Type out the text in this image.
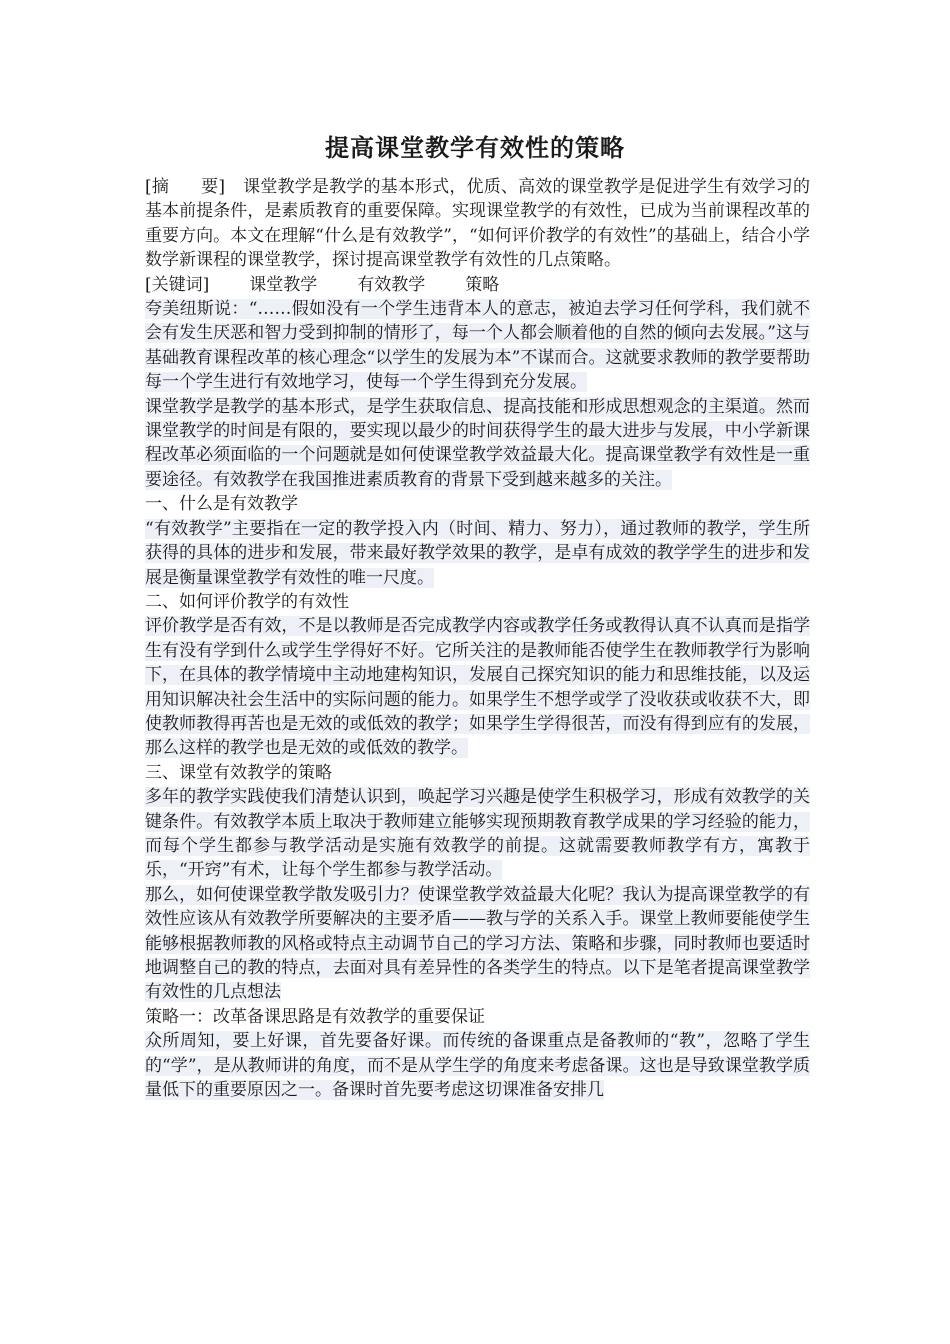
提高课堂教学有效性的策略

[摘 要] 课堂教学是教学的基本形式，优质、高效的课堂教学是促进学生有效学习的基本前提条件，是素质教育的重要保障。实现课堂教学的有效性，已成为当前课程改革的重要方向。本文在理解“什么是有效教学”，“如何评价教学的有效性”的基础上，结合小学数学新课程的课堂教学，探讨提高课堂教学有效性的几点策略。

[关键词] 课堂教学 有效教学 策略

夸美纽斯说：“……假如没有一个学生违背本人的意志，被迫去学习任何学科，我们就不会有发生厌恶和智力受到抑制的情形了，每一个人都会顺着他的自然的倾向去发展。”这与基础教育课程改革的核心理念“以学生的发展为本”不谋而合。这就要求教师的教学要帮助每一个学生进行有效地学习，使每一个学生得到充分发展。

课堂教学是教学的基本形式，是学生获取信息、提高技能和形成思想观念的主渠道。然而课堂教学的时间是有限的，要实现以最少的时间获得学生的最大进步与发展，中小学新课程改革必须面临的一个问题就是如何使课堂教学效益最大化。提高课堂教学有效性是一重要途径。有效教学在我国推进素质教育的背景下受到越来越多的关注。

一、什么是有效教学

“有效教学”主要指在一定的教学投入内（时间、精力、努力），通过教师的教学，学生所获得的具体的进步和发展，带来最好教学效果的教学，是卓有成效的教学学生的进步和发展是衡量课堂教学有效性的唯一尺度。

二、如何评价教学的有效性

评价教学是否有效，不是以教师是否完成教学内容或教学任务或教得认真不认真而是指学生有没有学到什么或学生学得好不好。它所关注的是教师能否使学生在教师教学行为影响下，在具体的教学情境中主动地建构知识，发展自己探究知识的能力和思维技能，以及运用知识解决社会生活中的实际问题的能力。如果学生不想学或学了没收获或收获不大，即使教师教得再苦也是无效的或低效的教学；如果学生学得很苦，而没有得到应有的发展，那么这样的教学也是无效的或低效的教学。

三、课堂有效教学的策略

多年的教学实践使我们清楚认识到，唤起学习兴趣是使学生积极学习，形成有效教学的关键条件。有效教学本质上取决于教师建立能够实现预期教育教学成果的学习经验的能力，而每个学生都参与教学活动是实施有效教学的前提。这就需要教师教学有方，寓教于乐，“开窍”有术，让每个学生都参与教学活动。

那么，如何使课堂教学散发吸引力？使课堂教学效益最大化呢？我认为提高课堂教学的有效性应该从有效教学所要解决的主要矛盾——教与学的关系入手。课堂上教师要能使学生能够根据教师教的风格或特点主动调节自己的学习方法、策略和步骤，同时教师也要适时地调整自己的教的特点，去面对具有差异性的各类学生的特点。以下是笔者提高课堂教学有效性的几点想法

策略一：改革备课思路是有效教学的重要保证

众所周知，要上好课，首先要备好课。而传统的备课重点是备教师的“教”，忽略了学生的“学”，是从教师讲的角度，而不是从学生学的角度来考虑备课。这也是导致课堂教学质量低下的重要原因之一。备课时首先要考虑这切课准备安排几
